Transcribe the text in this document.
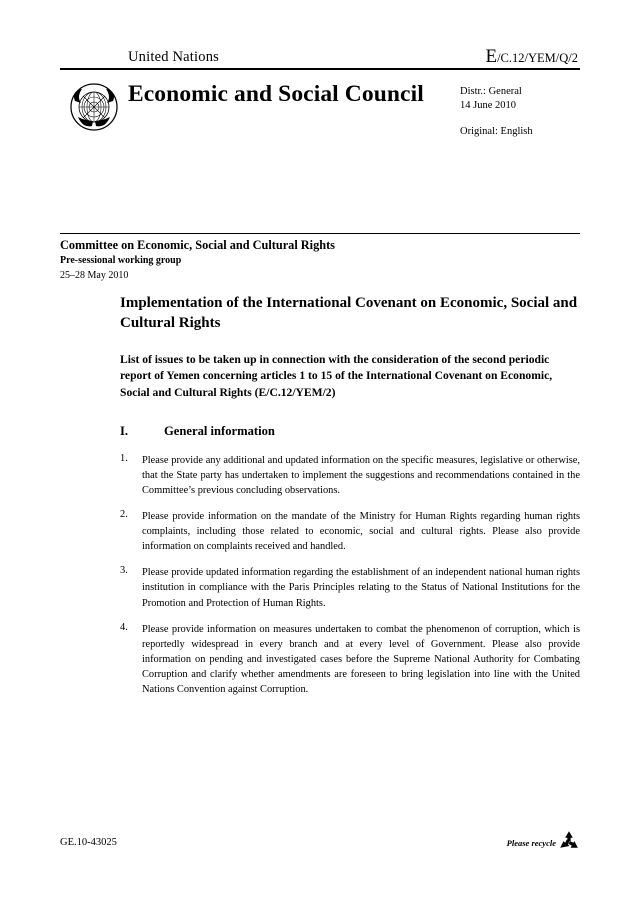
United Nations	E/C.12/YEM/Q/2
Economic and Social Council	Distr.: General
14 June 2010
Original: English
Committee on Economic, Social and Cultural Rights
Pre-sessional working group
25–28 May 2010
Implementation of the International Covenant on Economic, Social and Cultural Rights
List of issues to be taken up in connection with the consideration of the second periodic report of Yemen concerning articles 1 to 15 of the International Covenant on Economic, Social and Cultural Rights (E/C.12/YEM/2)
I.	General information
1.	Please provide any additional and updated information on the specific measures, legislative or otherwise, that the State party has undertaken to implement the suggestions and recommendations contained in the Committee’s previous concluding observations.
2.	Please provide information on the mandate of the Ministry for Human Rights regarding human rights complaints, including those related to economic, social and cultural rights. Please also provide information on complaints received and handled.
3.	Please provide updated information regarding the establishment of an independent national human rights institution in compliance with the Paris Principles relating to the Status of National Institutions for the Promotion and Protection of Human Rights.
4.	Please provide information on measures undertaken to combat the phenomenon of corruption, which is reportedly widespread in every branch and at every level of Government. Please also provide information on pending and investigated cases before the Supreme National Authority for Combating Corruption and clarify whether amendments are foreseen to bring legislation into line with the United Nations Convention against Corruption.
GE.10-43025	Please recycle
